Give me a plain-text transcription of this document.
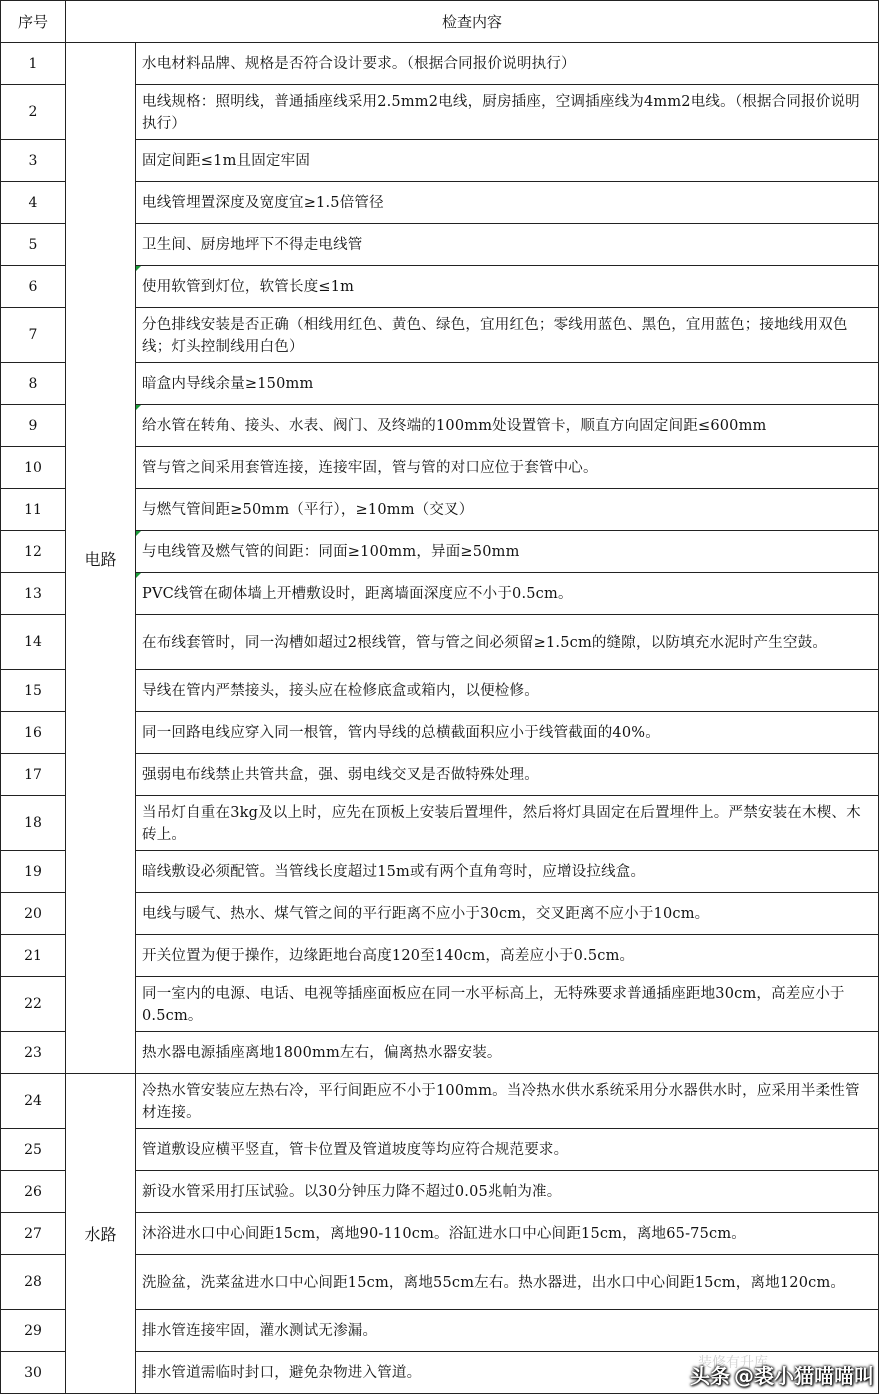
序号	检查内容	
1	电路	水电材料品牌、规格是否符合设计要求。（根据合同报价说明执行）
2		电线规格：照明线，普通插座线采用2.5mm2电线，厨房插座，空调插座线为4mm2电线。（根据合同报价说明执行）
3		固定间距≤1m且固定牢固
4		电线管埋置深度及宽度宜≥1.5倍管径
5		卫生间、厨房地坪下不得走电线管
6		使用软管到灯位，软管长度≤1m
7		分色排线安装是否正确（相线用红色、黄色、绿色，宜用红色；零线用蓝色、黑色，宜用蓝色；接地线用双色线；灯头控制线用白色）
8		暗盒内导线余量≥150mm
9		给水管在转角、接头、水表、阀门、及终端的100mm处设置管卡，顺直方向固定间距≤600mm
10		管与管之间采用套管连接，连接牢固，管与管的对口应位于套管中心。
11		与燃气管间距≥50mm（平行），≥10mm（交叉）
12		与电线管及燃气管的间距：同面≥100mm，异面≥50mm
13		PVC线管在砌体墙上开槽敷设时，距离墙面深度应不小于0.5cm。
14		在布线套管时，同一沟槽如超过2根线管，管与管之间必须留≥1.5cm的缝隙，以防填充水泥时产生空鼓。
15		导线在管内严禁接头，接头应在检修底盒或箱内，以便检修。
16		同一回路电线应穿入同一根管，管内导线的总横截面积应小于线管截面的40%。
17		强弱电布线禁止共管共盒，强、弱电线交叉是否做特殊处理。
18		当吊灯自重在3kg及以上时，应先在顶板上安装后置埋件，然后将灯具固定在后置埋件上。严禁安装在木楔、木砖上。
19		暗线敷设必须配管。当管线长度超过15m或有两个直角弯时，应增设拉线盒。
20		电线与暖气、热水、煤气管之间的平行距离不应小于30cm，交叉距离不应小于10cm。
21		开关位置为便于操作，边缘距地台高度120至140cm，高差应小于0.5cm。
22		同一室内的电源、电话、电视等插座面板应在同一水平标高上，无特殊要求普通插座距地30cm，高差应小于0.5cm。
23		热水器电源插座离地1800mm左右，偏离热水器安装。
24	水路	冷热水管安装应左热右冷，平行间距应不小于100mm。当冷热水供水系统采用分水器供水时，应采用半柔性管材连接。
25		管道敷设应横平竖直，管卡位置及管道坡度等均应符合规范要求。
26		新设水管采用打压试验。以30分钟压力降不超过0.05兆帕为准。
27		沐浴进水口中心间距15cm，离地90-110cm。浴缸进水口中心间距15cm，离地65-75cm。
28		洗脸盆，洗菜盆进水口中心间距15cm，离地55cm左右。热水器进，出水口中心间距15cm，离地120cm。
29		排水管连接牢固，灌水测试无渗漏。
30		排水管道需临时封口，避免杂物进入管道。
装修有升库
头条 @裘小猫喵喵叫
